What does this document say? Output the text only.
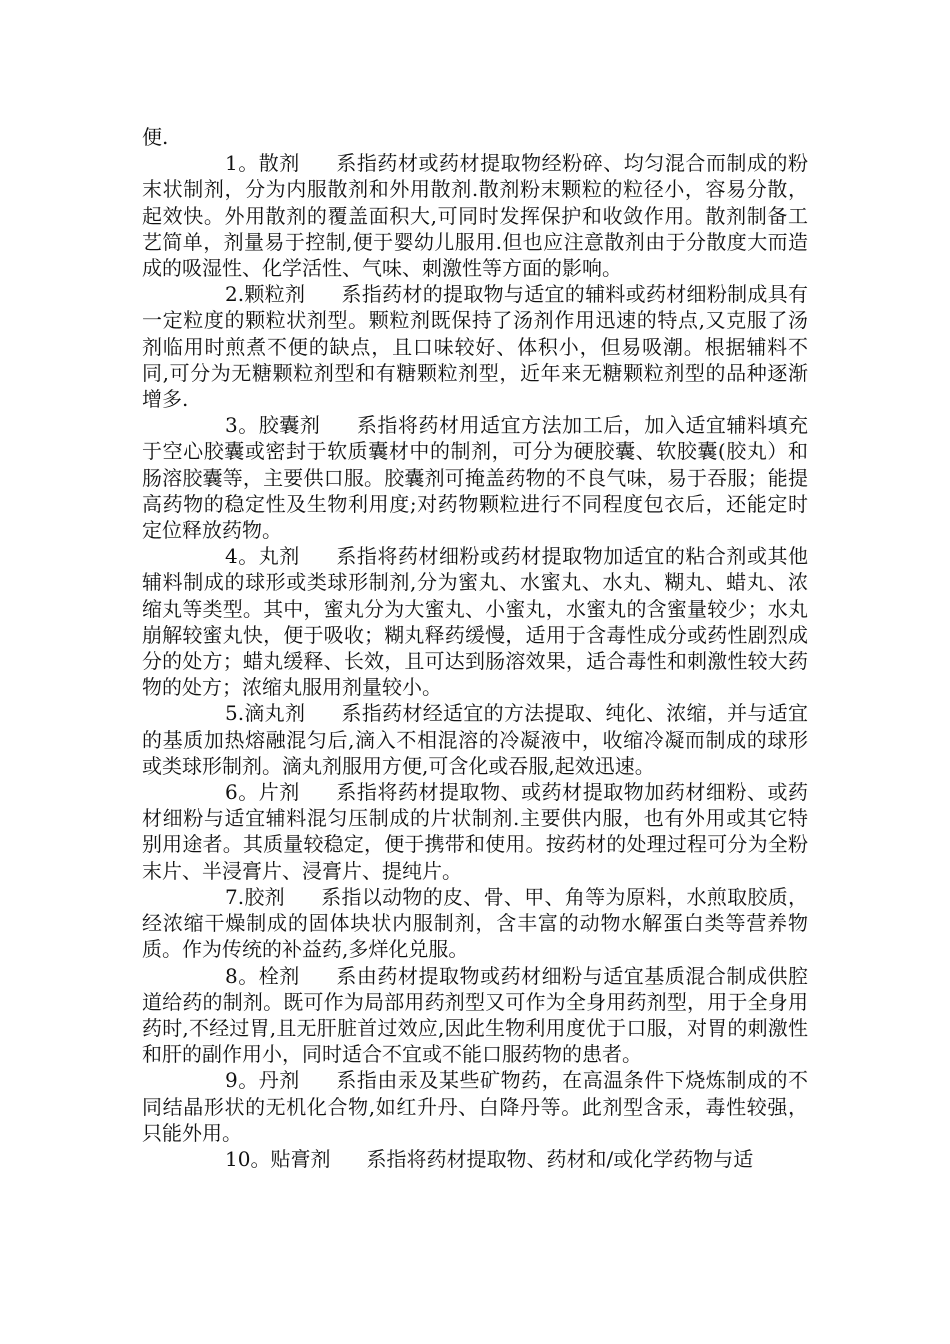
便.

1。散剂 系指药材或药材提取物经粉碎、均匀混合而制成的粉末状制剂，分为内服散剂和外用散剂.散剂粉末颗粒的粒径小，容易分散，起效快。外用散剂的覆盖面积大,可同时发挥保护和收敛作用。散剂制备工艺简单，剂量易于控制,便于婴幼儿服用.但也应注意散剂由于分散度大而造成的吸湿性、化学活性、气味、刺激性等方面的影响。

2.颗粒剂 系指药材的提取物与适宜的辅料或药材细粉制成具有一定粒度的颗粒状剂型。颗粒剂既保持了汤剂作用迅速的特点,又克服了汤剂临用时煎煮不便的缺点，且口味较好、体积小，但易吸潮。根据辅料不同,可分为无糖颗粒剂型和有糖颗粒剂型，近年来无糖颗粒剂型的品种逐渐增多.

3。胶囊剂 系指将药材用适宜方法加工后，加入适宜辅料填充于空心胶囊或密封于软质囊材中的制剂，可分为硬胶囊、软胶囊(胶丸）和肠溶胶囊等，主要供口服。胶囊剂可掩盖药物的不良气味，易于吞服；能提高药物的稳定性及生物利用度;对药物颗粒进行不同程度包衣后，还能定时定位释放药物。

4。丸剂 系指将药材细粉或药材提取物加适宜的粘合剂或其他辅料制成的球形或类球形制剂,分为蜜丸、水蜜丸、水丸、糊丸、蜡丸、浓缩丸等类型。其中，蜜丸分为大蜜丸、小蜜丸，水蜜丸的含蜜量较少；水丸崩解较蜜丸快，便于吸收；糊丸释药缓慢，适用于含毒性成分或药性剧烈成分的处方；蜡丸缓释、长效，且可达到肠溶效果，适合毒性和刺激性较大药物的处方；浓缩丸服用剂量较小。

5.滴丸剂 系指药材经适宜的方法提取、纯化、浓缩，并与适宜的基质加热熔融混匀后,滴入不相混溶的冷凝液中，收缩冷凝而制成的球形或类球形制剂。滴丸剂服用方便,可含化或吞服,起效迅速。

6。片剂 系指将药材提取物、或药材提取物加药材细粉、或药材细粉与适宜辅料混匀压制成的片状制剂.主要供内服，也有外用或其它特别用途者。其质量较稳定，便于携带和使用。按药材的处理过程可分为全粉末片、半浸膏片、浸膏片、提纯片。

7.胶剂 系指以动物的皮、骨、甲、角等为原料，水煎取胶质，经浓缩干燥制成的固体块状内服制剂，含丰富的动物水解蛋白类等营养物质。作为传统的补益药,多烊化兑服。

8。栓剂 系由药材提取物或药材细粉与适宜基质混合制成供腔道给药的制剂。既可作为局部用药剂型又可作为全身用药剂型，用于全身用药时,不经过胃,且无肝脏首过效应,因此生物利用度优于口服，对胃的刺激性和肝的副作用小，同时适合不宜或不能口服药物的患者。

9。丹剂 系指由汞及某些矿物药，在高温条件下烧炼制成的不同结晶形状的无机化合物,如红升丹、白降丹等。此剂型含汞，毒性较强，只能外用。

10。贴膏剂 系指将药材提取物、药材和/或化学药物与适
